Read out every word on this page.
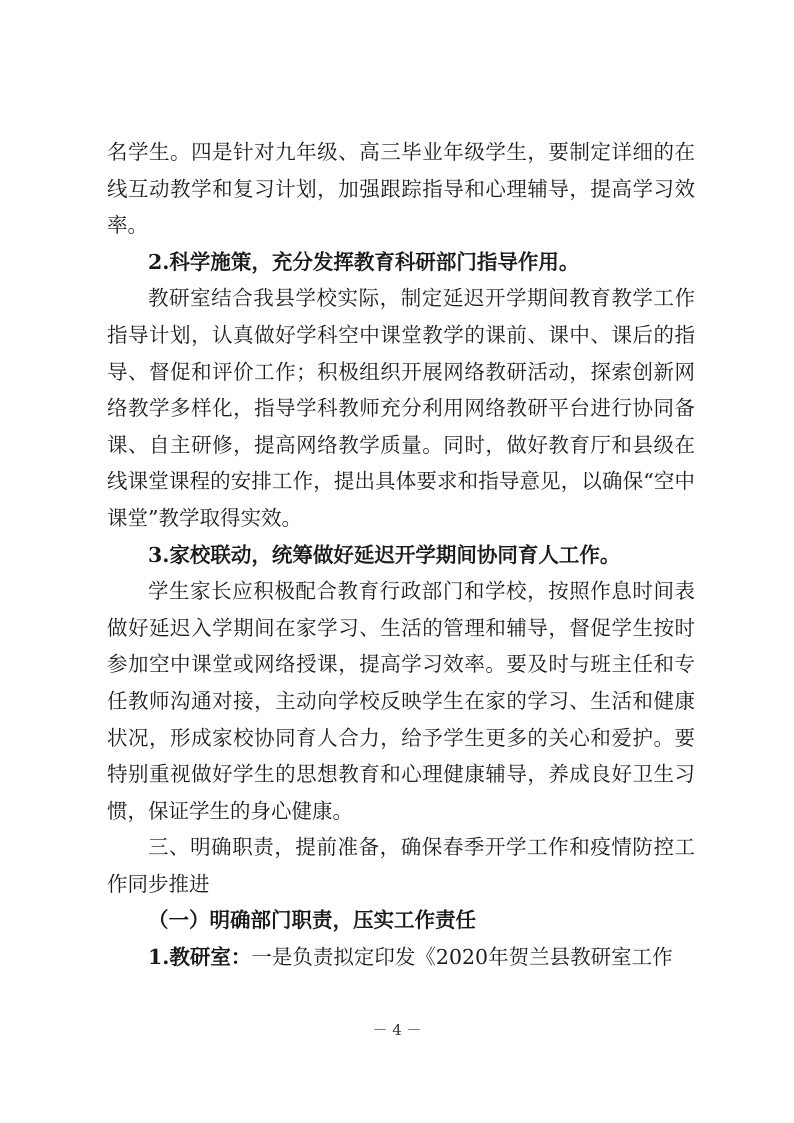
名学生。四是针对九年级、高三毕业年级学生，要制定详细的在线互动教学和复习计划，加强跟踪指导和心理辅导，提高学习效率。

2.科学施策，充分发挥教育科研部门指导作用。

教研室结合我县学校实际，制定延迟开学期间教育教学工作指导计划，认真做好学科空中课堂教学的课前、课中、课后的指导、督促和评价工作；积极组织开展网络教研活动，探索创新网络教学多样化，指导学科教师充分利用网络教研平台进行协同备课、自主研修，提高网络教学质量。同时，做好教育厅和县级在线课堂课程的安排工作，提出具体要求和指导意见，以确保“空中课堂”教学取得实效。

3.家校联动，统筹做好延迟开学期间协同育人工作。

学生家长应积极配合教育行政部门和学校，按照作息时间表做好延迟入学期间在家学习、生活的管理和辅导，督促学生按时参加空中课堂或网络授课，提高学习效率。要及时与班主任和专任教师沟通对接，主动向学校反映学生在家的学习、生活和健康状况，形成家校协同育人合力，给予学生更多的关心和爱护。要特别重视做好学生的思想教育和心理健康辅导，养成良好卫生习惯，保证学生的身心健康。

三、明确职责，提前准备，确保春季开学工作和疫情防控工作同步推进

（一）明确部门职责，压实工作责任

1.教研室：一是负责拟定印发《2020年贺兰县教研室工作

－ 4 －
